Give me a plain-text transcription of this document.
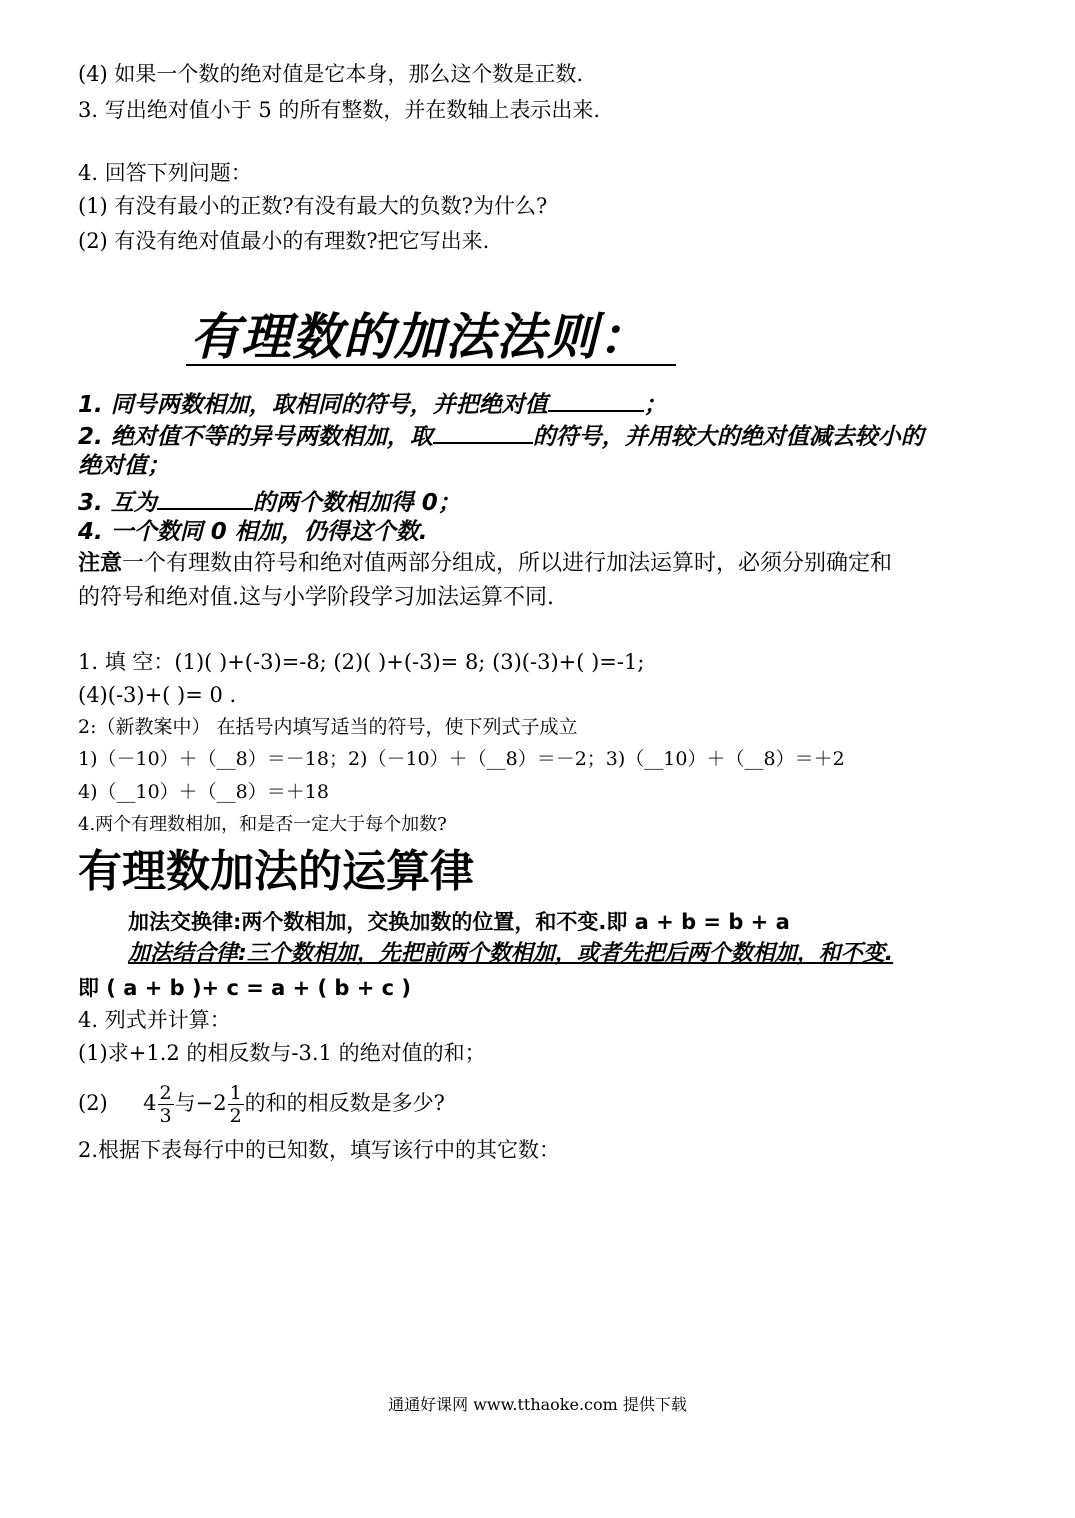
(4) 如果一个数的绝对值是它本身，那么这个数是正数.
3. 写出绝对值小于 5 的所有整数，并在数轴上表示出来.
4. 回答下列问题：
(1) 有没有最小的正数?有没有最大的负数?为什么?
(2) 有没有绝对值最小的有理数?把它写出来.
有理数的加法法则：
1. 同号两数相加，取相同的符号，并把绝对值	；
2. 绝对值不等的异号两数相加，取	的符号，并用较大的绝对值减去较小的
绝对值；
3. 互为	的两个数相加得 0；
4. 一个数同 0 相加，仍得这个数.
注意一个有理数由符号和绝对值两部分组成，所以进行加法运算时，必须分别确定和
的符号和绝对值.这与小学阶段学习加法运算不同.
1. 填 空：(1)( )+(-3)=-8; (2)( )+(-3)= 8; (3)(-3)+( )=-1;
(4)(-3)+( )= 0 .
2:（新教案中） 在括号内填写适当的符号，使下列式子成立
1)（－10）＋（__8）＝－18；2)（－10）＋（__8）＝－2；3)（__10）＋（__8）＝＋2
4)（__10）＋（__8）＝＋18
4.两个有理数相加，和是否一定大于每个加数?
有理数加法的运算律
加法交换律:两个数相加，交换加数的位置，和不变.即 a + b = b + a
加法结合律:三个数相加，先把前两个数相加，或者先把后两个数相加，和不变.
即 ( a + b )+ c = a + ( b + c )
4. 列式并计算：
(1)求+1.2 的相反数与-3.1 的绝对值的和；
(2) $4 \frac{2}{3}$ 与$-2 \frac{1}{2}$ 的和的相反数是多少?
2.根据下表每行中的已知数，填写该行中的其它数：
通通好课网 www.tthaoke.com 提供下载
